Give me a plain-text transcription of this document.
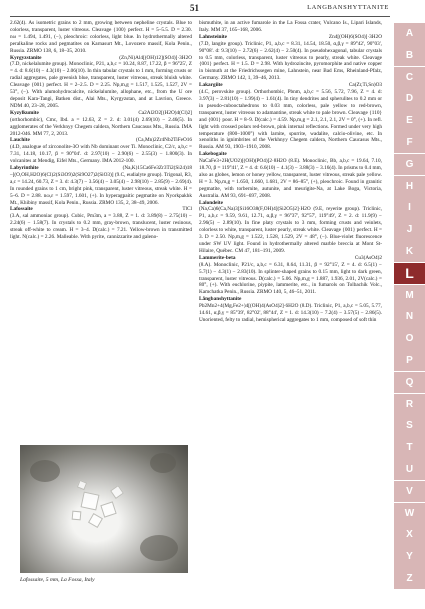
51	LANGBANSHYTTANITE

2.62(4). As isometric grains to 2 mm, growing between nepheline crystals. Blue to colorless, transparent, luster vitreous. Cleavage {100} perfect. H = 5–5.5. D = 2.30. nω = 1.494, 1.491, (−), pleochroic: colorless, light blue. In hydrothermally altered peralkaline rocks and pegmatites on Karnasurt Mt., Lovozero massif, Kola Penin., Russia. ZRMO 138, 6, 18–35, 2010.

Kyrgyzstanite	(Zn,Ni)Al4[(OH)12](SO4)]·3H2O
(7.D, nickelalumite group). Monoclinic, P21, a,b,c = 10.24, 8.87, 17.22, β = 96°25', Z = 4. d: 8.6(10) − 4.3(10) − 2.06(10). In thin tabular crystals to 1 mm, forming crusts or radial aggregates, pale greenish blue, transparent, luster vitreous, streak bluish white. Cleavage {001} perfect. H = 2–2.5. D = 2.25. Np,m,g = 1.517, 1.525, 1.527, 2V = 53°, (−). With alumohydrocalcite, nickelalumite, allophane, etc., from the U ore deposit Kara-Tangi, Batken dist., Alai Mts., Kyrgyzstan, and at Lavrion, Greece. NDM 40, 23–28, 2005.

Kyzylkumite	Ca2Al2O2[(H2O)4(Cl)2]
(orthorhombic), Cmc, Ibd. a = 12.63, Z = 2. d: 3.01(4) 2.69(10) − 2.46(5). In agglomerates of the Verkhnyy Chegem caldera, Northern Caucasus Mts., Russia. IMA 2012-046. MM 77, 2, 2013.

Lauchite	(Ca,Mn)2Zr4Nb2TiFeO16
(4.D, analogue of zirconolite-3O with Nb dominant over Ti. Monoclinic, C2/c, a,b,c = 7.31, 14.18, 10.17, β = 90°04'. d: 2.97(10) − 2.90(6) − 2.55(3) − 1.800(3). In volcanites at Mendig, Eifel Mts., Germany. IMA 2012-100.

Labyrinthite	(Na,K)15Ca6Fe3Zr3Ti2(Si24)18
–[(O,OH,H2O)6(Cl)2(Si3O9)2(Si9O27)2(SiO3)] (9.C, eudialyte group). Trigonal, R3, a,c = 14.24, 60.73, Z = 3. d: 4.3(7) − 3.56(4) − 3.05(4) − 2.98(10) − 2.85(9) − 2.69(4). In rounded grains to 1 cm, bright pink, transparent, luster vitreous, streak white. H = 5–6. D = 2.88. nω,ε = 1.597, 1.601, (+). In hyperagpaitic pegmatite on Nyorkpakhk Mt., Khibiny massif, Kola Penin., Russia. ZRMO 135, 2, 38–49, 2006.

Lafossaite	TlCl
(3.A, sal ammoniac group). Cubic, Pm3m, a = 3.88, Z = 1. d: 3.89(8) − 2.75(10) − 2.24(6) − 1.58(7). In crystals to 0.2 mm, gray-brown, translucent, luster resinous, streak off-white to cream. H = 3–4. D(calc.) = 7.21. Yellow-brown in transmitted light. N(calc.) = 2.26. Malleable. With pyrite, cannizzarite and galeno-

bismuthite, in an active fumarole in the La Fossa crater, Vulcano Is., Lipari Islands, Italy. MM 37, 165–168, 2006.

Lahnsteinite	Zn4[(OH)6(SO4)]·3H2O
(7.D, langite group). Triclinic, P1, a,b,c = 8.31, 14.54, 18.50, α,β,γ = 89°42', 90°03', 90°08'. d: 9.3(10) − 2.72(6) − 2.62(4) − 2.50(4). In pseudohexagonal, tabular crystals to 0.5 mm, colorless, transparent, luster vitreous to pearly, streak white. Cleavage {001} perfect. H = 1.5. D = 2.98. With hydrozincite, pyromorphite and native copper in bismuth at the Friedrichssegen mine, Lahnstein, near Bad Ems, Rheinland-Pfalz, Germany. ZRMO 142, 1, 39–46, 2013.

Lakargiite	Ca(Zr,Ti,Sn)O3
(4.C, perovskite group). Orthorhombic, Pbnm, a,b,c = 5.56, 5.72, 7.96, Z = 4. d: 3.97(3) − 2.81(10) − 1.99(4) − 1.61(4). In tiny dendrites and spherulites to 0.2 mm or in pseudo-cubooctahedrons to 0.03 mm, colorless, pale yellow to red-brown, transparent, luster vitreous to adamantine, streak white to pale brown. Cleavage {110} and {001} poor. H = 8–9. D(calc.) = 4.59. Np,m,g = 2.1, 2.1, 2.1, 2V = 0°, (+). In refl. light with crossed polars red-brown, pink internal reflections. Formed under very high temperature (800–1000°) with larnite, spurrite, wadalite, calcio-olivine, etc. In xenoliths in ignimbrites of the Verkhnyy Chegem caldera, Northern Caucasus Mts., Russia. AM 93, 1903–1910, 2008.

Lakebogaite
NaCaFe3+2H(UO2)[(OH)(PO4)]2·8H2O (8.E). Monoclinic, Bb, a,b,c = 19.64, 7.10, 18.70, β = 119°41', Z = 4. d: 6.6(10) − 4.1(3) − 3.88(3) − 3.16(4). In prisms to 0.4 mm, also as globes, lemon or honey yellow, transparent, luster vitreous, streak pale yellow. H = 3. Np,m,g = 1.650, 1.660, 1.681, 2V = 86–85°, (+), pleochroic. Found in granitic pegmatite, with torbernite, autunite, and meurigite-Na, at Lake Boga, Victoria, Australia. AM 93, 691–697, 2008.

Lalondeite
(Na,Ca)6(Ca,Na)3[Si16O38(F,OH)4](Si2O5)2]·H2O (9.E, reyerite group). Triclinic, P1, a,b,c = 9.59, 9.61, 12.71, α,β,γ = 96°37', 92°57', 119°49', Z = 2. d: 11.9(9) − 2.96(5) − 2.89(10). In fine platy crystals to 3 mm, forming crusts and veinlets, colorless to white, transparent, luster pearly, streak white. Cleavage {001} perfect. H = 3. D = 2.50. Np,m,g = 1.522, 1.528, 1.529, 2V = 48°, (−). Blue-violet fluorescence under SW UV light. Found in hydrothermally altered marble breccia at Mont St-Hilaire, Québec. CM 47, 181–191, 2009.

Lammerite-beta	Cu3(AsO4)2
(8.A). Monoclinic, P21/c, a,b,c = 6.31, 8.64, 11.31, β = 92°15', Z = 4. d: 6.5(1) − 5.7(1) − 4.3(1) − 2.83(10). In splinter-shaped grains to 0.15 mm, light to dark green, transparent, luster vitreous. D(calc.) = 5.06. Np,m,g = 1.887, 1.936, 2.01, 2V(calc.) = 80°, (+). With euchlorine, piypite, lammerite, etc., in fumarols on Tolbachik Volc., Kamchatka Penin., Russia. ZRMO 140, 5, 46–51, 2011.

Långbanshyttanite
Pb2Mn2+4(Mg,Fe2+)4[(OH)4(AsO4)2]·6H2O (8.D). Triclinic, P1, a,b,c = 5.05, 5.77, 14.61, α,β,γ = 85°39', 82°02', 88°44', Z = 1. d: 14.3(10) − 7.2(4) − 3.57(5) − 2.86(5). Unoriented, felty to radial, hemispherical aggregates to 1 mm, composed of soft thin

Lafossaite, 5 mm, La Fossa, Italy
A
B
C
D
E
F
G
H
I
J
K
L
M
N
O
P
Q
R
S
T
U
V
W
X
Y
Z
